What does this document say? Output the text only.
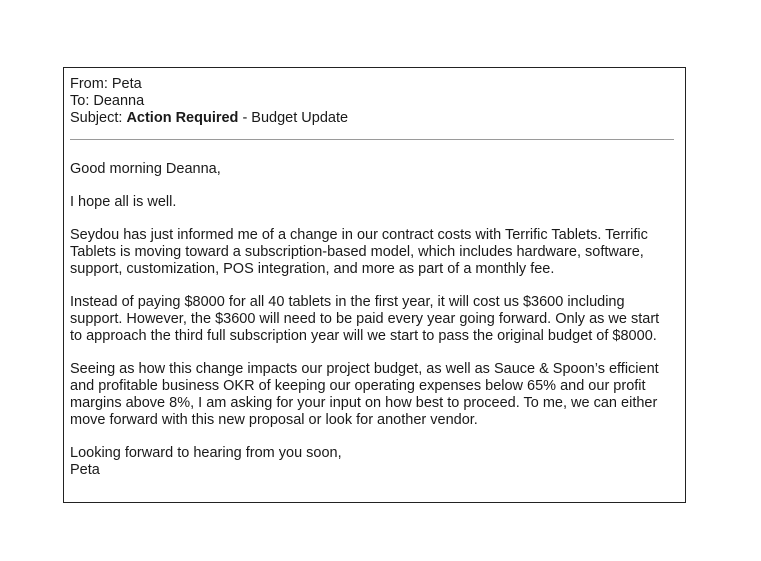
From: Peta

To: Deanna

Subject: Action Required - Budget Update

Good morning Deanna,

I hope all is well.

Seydou has just informed me of a change in our contract costs with Terrific Tablets. Terrific Tablets is moving toward a subscription-based model, which includes hardware, software, support, customization, POS integration, and more as part of a monthly fee.

Instead of paying $8000 for all 40 tablets in the first year, it will cost us $3600 including support. However, the $3600 will need to be paid every year going forward. Only as we start to approach the third full subscription year will we start to pass the original budget of $8000.

Seeing as how this change impacts our project budget, as well as Sauce & Spoon’s efficient and profitable business OKR of keeping our operating expenses below 65% and our profit margins above 8%, I am asking for your input on how best to proceed. To me, we can either move forward with this new proposal or look for another vendor.

Looking forward to hearing from you soon,

Peta
